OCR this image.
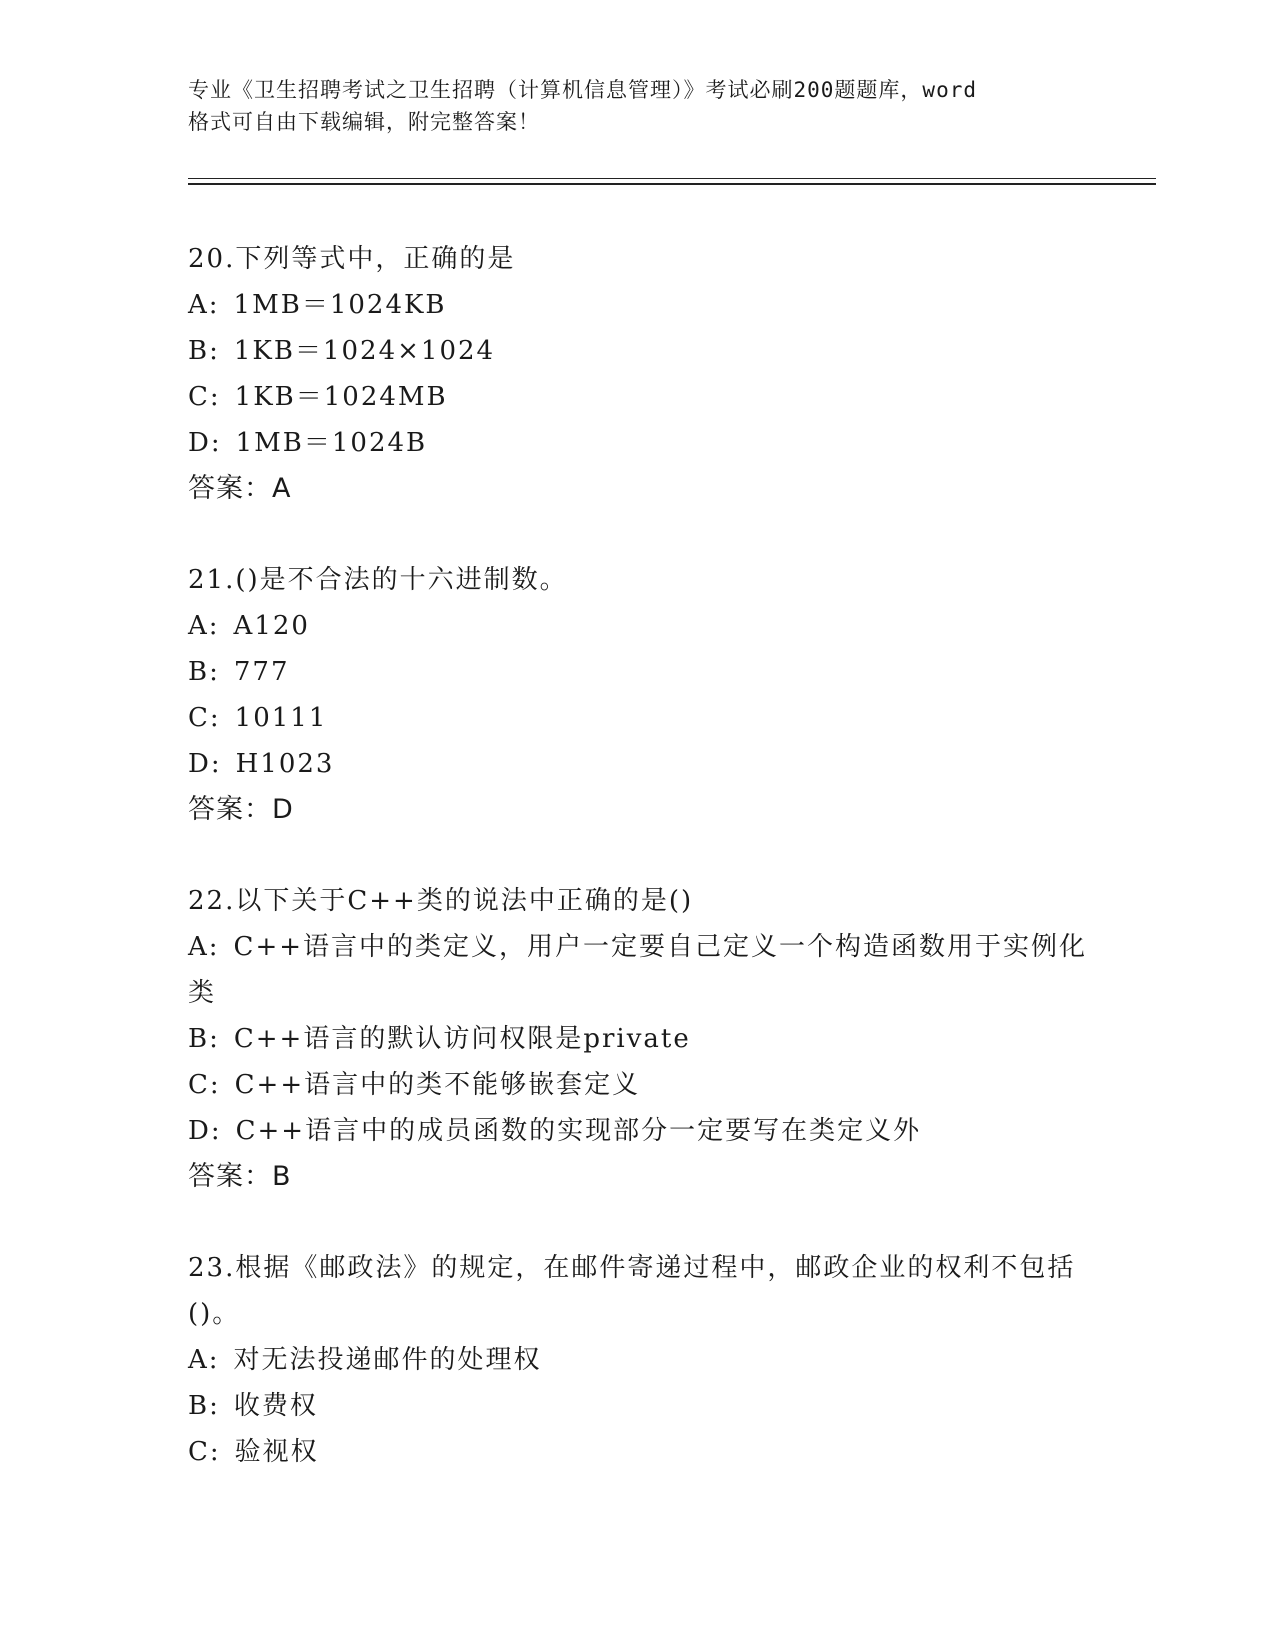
专业《卫生招聘考试之卫生招聘（计算机信息管理）》考试必刷200题题库，word
格式可自由下载编辑，附完整答案！
20.下列等式中，正确的是
A: 1MB＝1024KB
B: 1KB＝1024×1024
C: 1KB＝1024MB
D: 1MB＝1024B
答案：A
21.()是不合法的十六进制数。
A: A120
B: 777
C: 10111
D: H1023
答案：D
22.以下关于C++类的说法中正确的是()
A: C++语言中的类定义，用户一定要自己定义一个构造函数用于实例化类
B: C++语言的默认访问权限是private
C: C++语言中的类不能够嵌套定义
D: C++语言中的成员函数的实现部分一定要写在类定义外
答案：B
23.根据《邮政法》的规定，在邮件寄递过程中，邮政企业的权利不包括()。
A: 对无法投递邮件的处理权
B: 收费权
C: 验视权
